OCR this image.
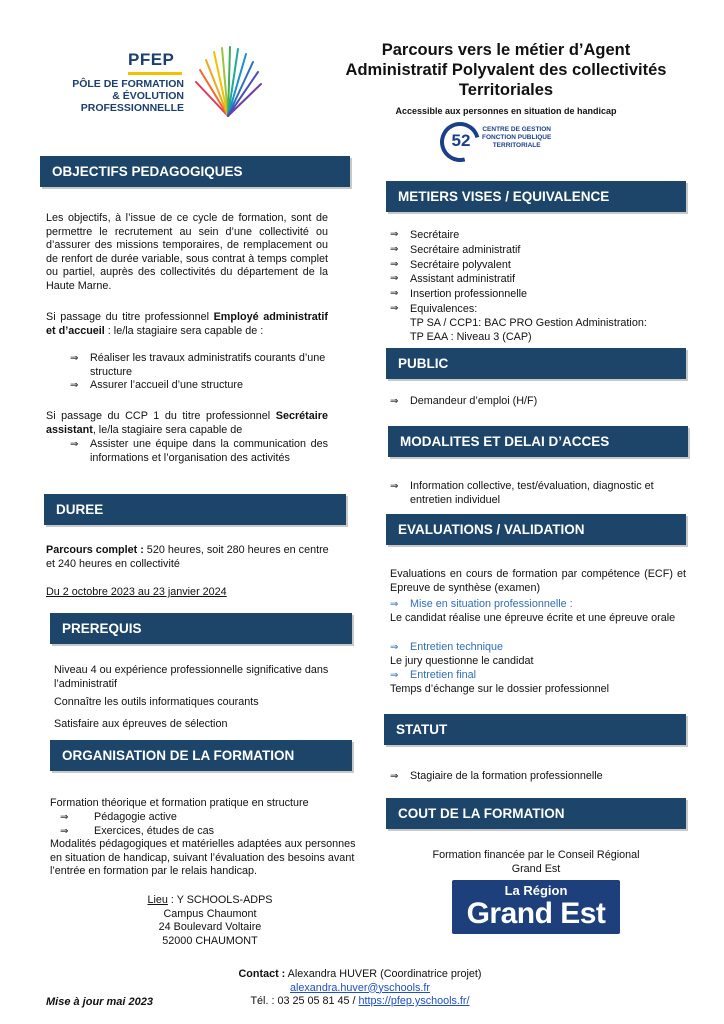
PFEP
PÔLE DE FORMATION
& ÉVOLUTION
PROFESSIONNELLE
Parcours vers le métier d’Agent
Administratif Polyvalent des collectivités
Territoriales
Accessible aux personnes en situation de handicap
52
CENTRE DE GESTION
FONCTION PUBLIQUE
TERRITORIALE
OBJECTIFS PEDAGOGIQUES
Les objectifs, à l’issue de ce cycle de formation, sont de permettre le recrutement au sein d’une collectivité ou d’assurer des missions temporaires, de remplacement ou de renfort de durée variable, sous contrat à temps complet ou partiel, auprès des collectivités du département de la Haute Marne.
Si passage du titre professionnel Employé administratif et d’accueil : le/la stagiaire sera capable de :
⇒ Réaliser les travaux administratifs courants d’une structure
⇒ Assurer l’accueil d’une structure
Si passage du CCP 1 du titre professionnel Secrétaire assistant, le/la stagiaire sera capable de
⇒ Assister une équipe dans la communication des informations et l’organisation des activités
DUREE
Parcours complet : 520 heures, soit 280 heures en centre et 240 heures en collectivité
Du 2 octobre 2023 au 23 janvier 2024
PREREQUIS
Niveau 4 ou expérience professionnelle significative dans l’administratif
Connaître les outils informatiques courants
Satisfaire aux épreuves de sélection
ORGANISATION DE LA FORMATION
Formation théorique et formation pratique en structure
⇒ Pédagogie active
⇒ Exercices, études de cas
Modalités pédagogiques et matérielles adaptées aux personnes en situation de handicap, suivant l’évaluation des besoins avant l’entrée en formation par le relais handicap.
Lieu : Y SCHOOLS-ADPS
Campus Chaumont
24 Boulevard Voltaire
52000 CHAUMONT
METIERS VISES / EQUIVALENCE
⇒ Secrétaire
⇒ Secrétaire administratif
⇒ Secrétaire polyvalent
⇒ Assistant administratif
⇒ Insertion professionnelle
⇒ Equivalences:
TP SA / CCP1: BAC PRO Gestion Administration:
TP EAA : Niveau 3 (CAP)
PUBLIC
⇒ Demandeur d’emploi (H/F)
MODALITES ET DELAI D’ACCES
⇒ Information collective, test/évaluation, diagnostic et entretien individuel
EVALUATIONS / VALIDATION
Evaluations en cours de formation par compétence (ECF) et Epreuve de synthèse (examen)
⇒ Mise en situation professionnelle :
Le candidat réalise une épreuve écrite et une épreuve orale
⇒ Entretien technique
Le jury questionne le candidat
⇒ Entretien final
Temps d’échange sur le dossier professionnel
STATUT
⇒ Stagiaire de la formation professionnelle
COUT DE LA FORMATION
Formation financée par le Conseil Régional
Grand Est
La Région
Grand Est
Contact : Alexandra HUVER (Coordinatrice projet)
alexandra.huver@yschools.fr
Tél. : 03 25 05 81 45 / https://pfep.yschools.fr/
Mise à jour mai 2023
